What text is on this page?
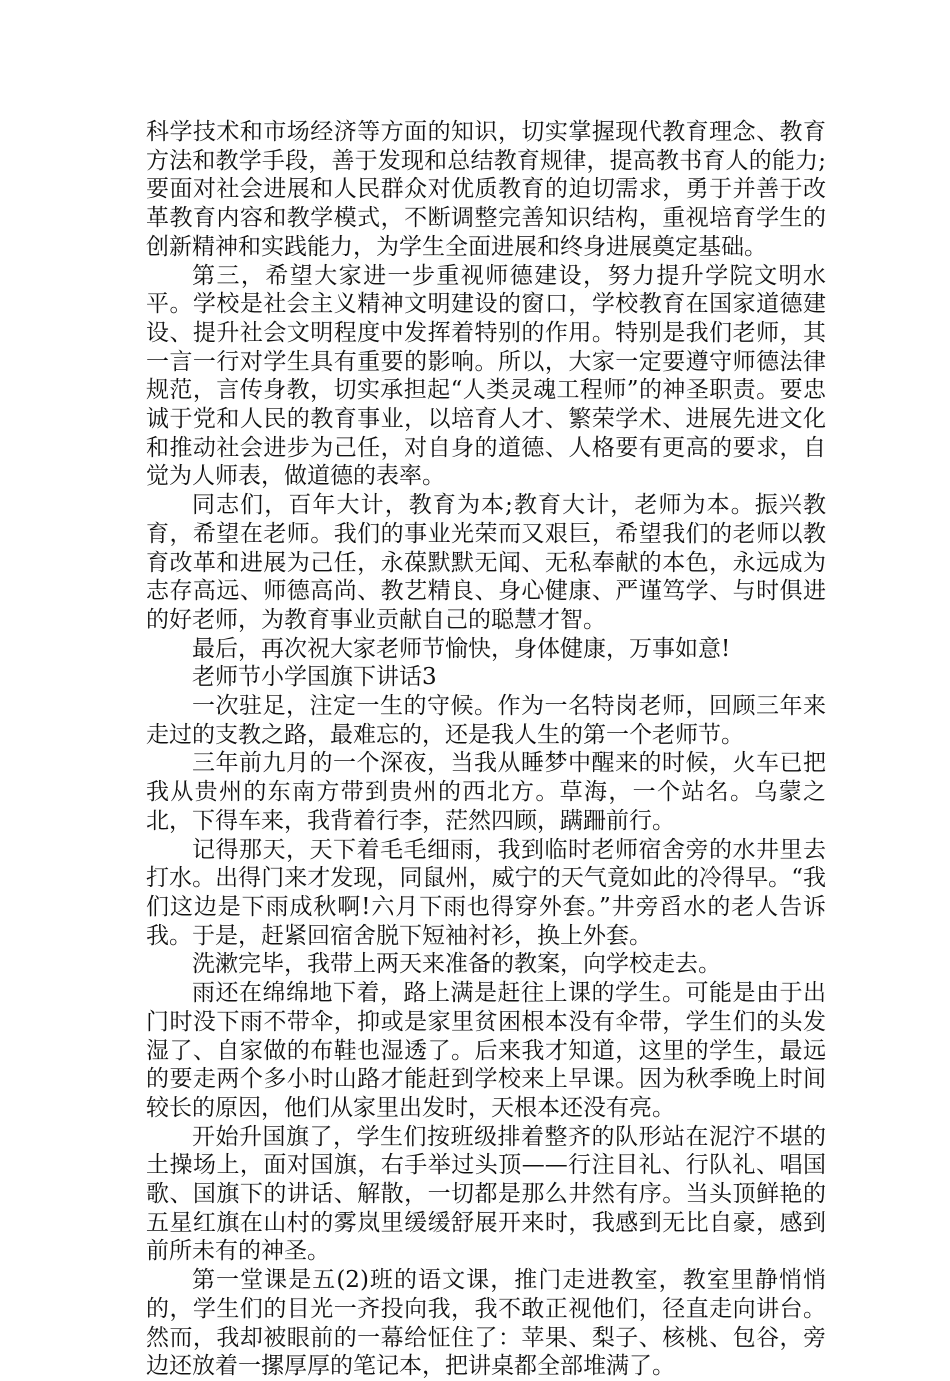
科学技术和市场经济等方面的知识，切实掌握现代教育理念、教育方法和教学手段，善于发现和总结教育规律，提高教书育人的能力;要面对社会进展和人民群众对优质教育的迫切需求，勇于并善于改革教育内容和教学模式，不断调整完善知识结构，重视培育学生的创新精神和实践能力，为学生全面进展和终身进展奠定基础。

第三，希望大家进一步重视师德建设，努力提升学院文明水平。学校是社会主义精神文明建设的窗口，学校教育在国家道德建设、提升社会文明程度中发挥着特别的作用。特别是我们老师，其一言一行对学生具有重要的影响。所以，大家一定要遵守师德法律规范，言传身教，切实承担起“人类灵魂工程师”的神圣职责。要忠诚于党和人民的教育事业，以培育人才、繁荣学术、进展先进文化和推动社会进步为己任，对自身的道德、人格要有更高的要求，自觉为人师表，做道德的表率。

同志们，百年大计，教育为本;教育大计，老师为本。振兴教育，希望在老师。我们的事业光荣而又艰巨，希望我们的老师以教育改革和进展为己任，永葆默默无闻、无私奉献的本色，永远成为志存高远、师德高尚、教艺精良、身心健康、严谨笃学、与时俱进的好老师，为教育事业贡献自己的聪慧才智。

最后，再次祝大家老师节愉快，身体健康，万事如意!

老师节小学国旗下讲话3

一次驻足，注定一生的守候。作为一名特岗老师，回顾三年来走过的支教之路，最难忘的，还是我人生的第一个老师节。

三年前九月的一个深夜，当我从睡梦中醒来的时候，火车已把我从贵州的东南方带到贵州的西北方。草海，一个站名。乌蒙之北，下得车来，我背着行李，茫然四顾，蹒跚前行。

记得那天，天下着毛毛细雨，我到临时老师宿舍旁的水井里去打水。出得门来才发现，同鼠州，威宁的天气竟如此的冷得早。“我们这边是下雨成秋啊!六月下雨也得穿外套。”井旁舀水的老人告诉我。于是，赶紧回宿舍脱下短袖衬衫，换上外套。

洗漱完毕，我带上两天来准备的教案，向学校走去。

雨还在绵绵地下着，路上满是赶往上课的学生。可能是由于出门时没下雨不带伞，抑或是家里贫困根本没有伞带，学生们的头发湿了、自家做的布鞋也湿透了。后来我才知道，这里的学生，最远的要走两个多小时山路才能赶到学校来上早课。因为秋季晚上时间较长的原因，他们从家里出发时，天根本还没有亮。

开始升国旗了，学生们按班级排着整齐的队形站在泥泞不堪的土操场上，面对国旗，右手举过头顶——行注目礼、行队礼、唱国歌、国旗下的讲话、解散，一切都是那么井然有序。当头顶鲜艳的五星红旗在山村的雾岚里缓缓舒展开来时，我感到无比自豪，感到前所未有的神圣。

第一堂课是五(2)班的语文课，推门走进教室，教室里静悄悄的，学生们的目光一齐投向我，我不敢正视他们，径直走向讲台。然而，我却被眼前的一幕给怔住了：苹果、梨子、核桃、包谷，旁边还放着一摞厚厚的笔记本，把讲桌都全部堆满了。
